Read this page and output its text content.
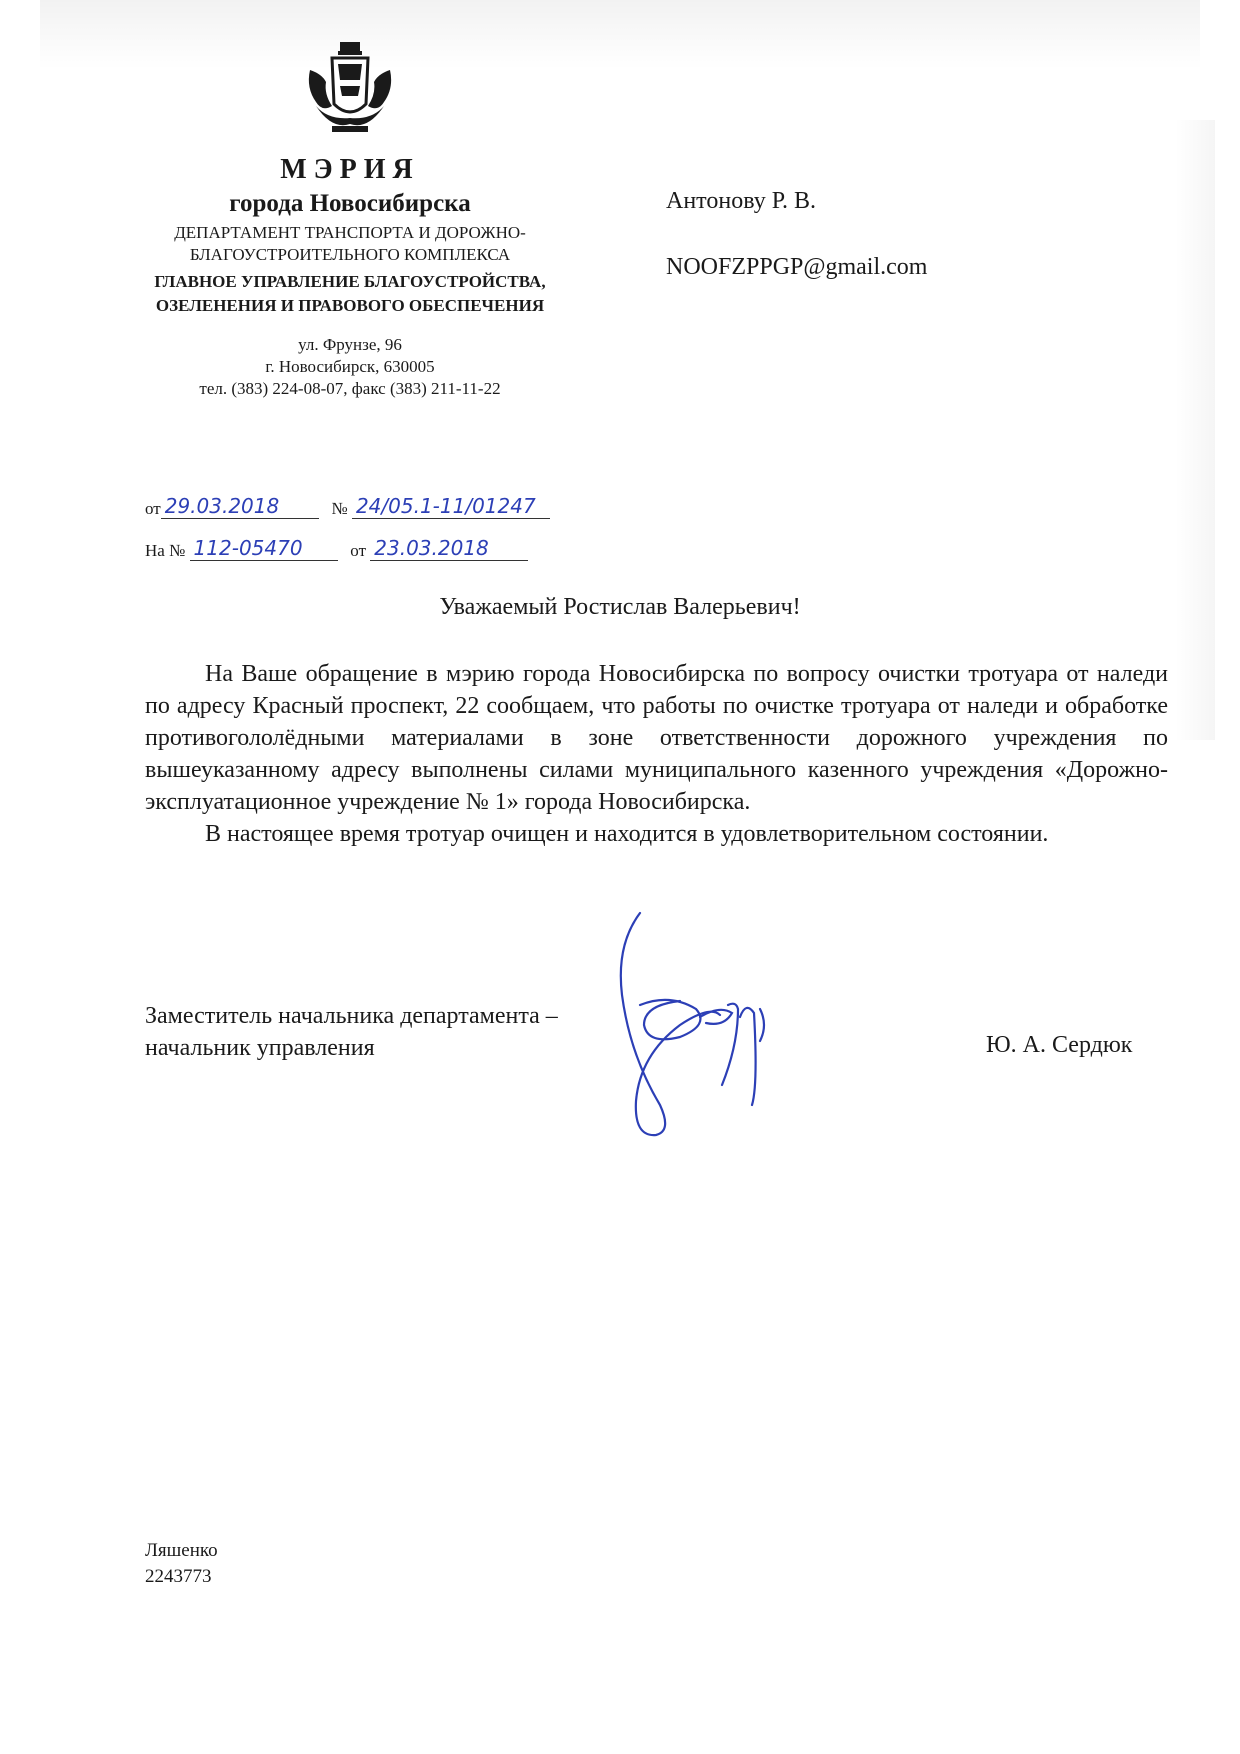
МЭРИЯ
города Новосибирска
ДЕПАРТАМЕНТ ТРАНСПОРТА И ДОРОЖНО-БЛАГОУСТРОИТЕЛЬНОГО КОМПЛЕКСА
ГЛАВНОЕ УПРАВЛЕНИЕ БЛАГОУСТРОЙСТВА, ОЗЕЛЕНЕНИЯ И ПРАВОВОГО ОБЕСПЕЧЕНИЯ
ул. Фрунзе, 96
г. Новосибирск, 630005
тел. (383) 224-08-07, факс (383) 211-11-22
от 29.03.2018	№ 24/05.1-11/01247
На № 112-05470	от 23.03.2018
Антонову Р. В.
NOOFZPPGP@gmail.com
Уважаемый Ростислав Валерьевич!

На Ваше обращение в мэрию города Новосибирска по вопросу очистки тротуара от наледи по адресу Красный проспект, 22 сообщаем, что работы по очистке тротуара от наледи и обработке противогололёдными материалами в зоне ответственности дорожного учреждения по вышеуказанному адресу выполнены силами муниципального казенного учреждения «Дорожно-эксплуатационное учреждение № 1» города Новосибирска.

В настоящее время тротуар очищен и находится в удовлетворительном состоянии.

Заместитель начальника департамента –
начальник управления	Ю. А. Сердюк
Ляшенко
2243773
